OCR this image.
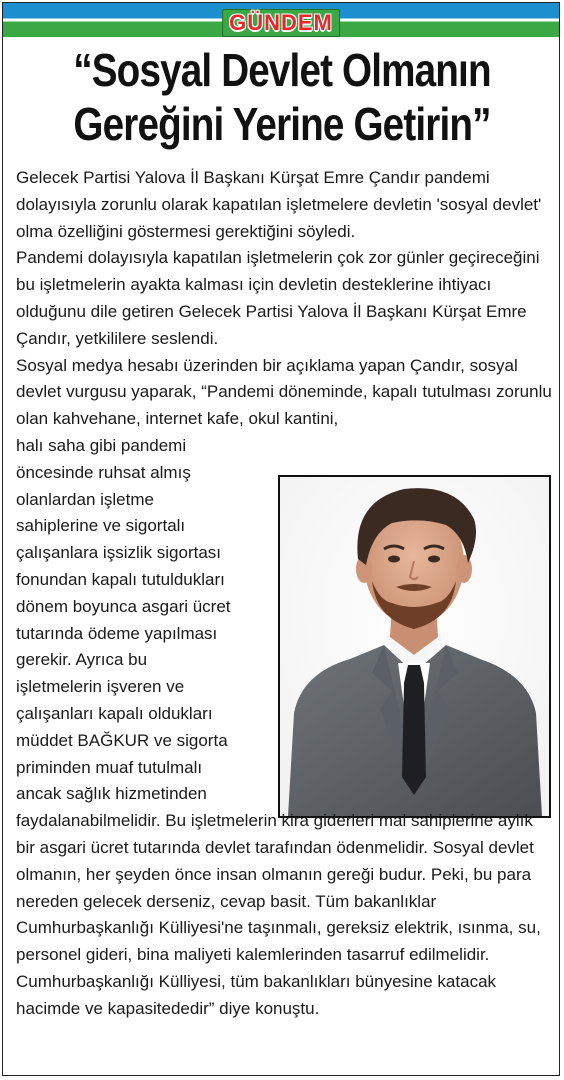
GÜNDEM
“Sosyal Devlet Olmanın
Gereğini Yerine Getirin”

Gelecek Partisi Yalova İl Başkanı Kürşat Emre Çandır pandemi dolayısıyla zorunlu olarak kapatılan işletmelere devletin 'sosyal devlet' olma özelliğini göstermesi gerektiğini söyledi.

Pandemi dolayısıyla kapatılan işletmelerin çok zor günler geçireceğini bu işletmelerin ayakta kalması için devletin desteklerine ihtiyacı olduğunu dile getiren Gelecek Partisi Yalova İl Başkanı Kürşat Emre Çandır, yetkililere seslendi.

Sosyal medya hesabı üzerinden bir açıklama yapan Çandır, sosyal devlet vurgusu yaparak, “Pandemi döneminde, kapalı tutulması zorunlu olan kahvehane, internet kafe, okul kantini,

halı saha gibi pandemi
öncesinde ruhsat almış
olanlardan işletme
sahiplerine ve sigortalı
çalışanlara işsizlik sigortası
fonundan kapalı tutuldukları
dönem boyunca asgari ücret
tutarında ödeme yapılması
gerekir. Ayrıca bu
işletmelerin işveren ve
çalışanları kapalı oldukları
müddet BAĞKUR ve sigorta
priminden muaf tutulmalı
ancak sağlık hizmetinden

faydalanabilmelidir. Bu işletmelerin kira giderleri mal sahiplerine aylık bir asgari ücret tutarında devlet tarafından ödenmelidir. Sosyal devlet olmanın, her şeyden önce insan olmanın gereği budur. Peki, bu para nereden gelecek derseniz, cevap basit. Tüm bakanlıklar Cumhurbaşkanlığı Külliyesi'ne taşınmalı, gereksiz elektrik, ısınma, su, personel gideri, bina maliyeti kalemlerinden tasarruf edilmelidir. Cumhurbaşkanlığı Külliyesi, tüm bakanlıkları bünyesine katacak hacimde ve kapasitededir” diye konuştu.
